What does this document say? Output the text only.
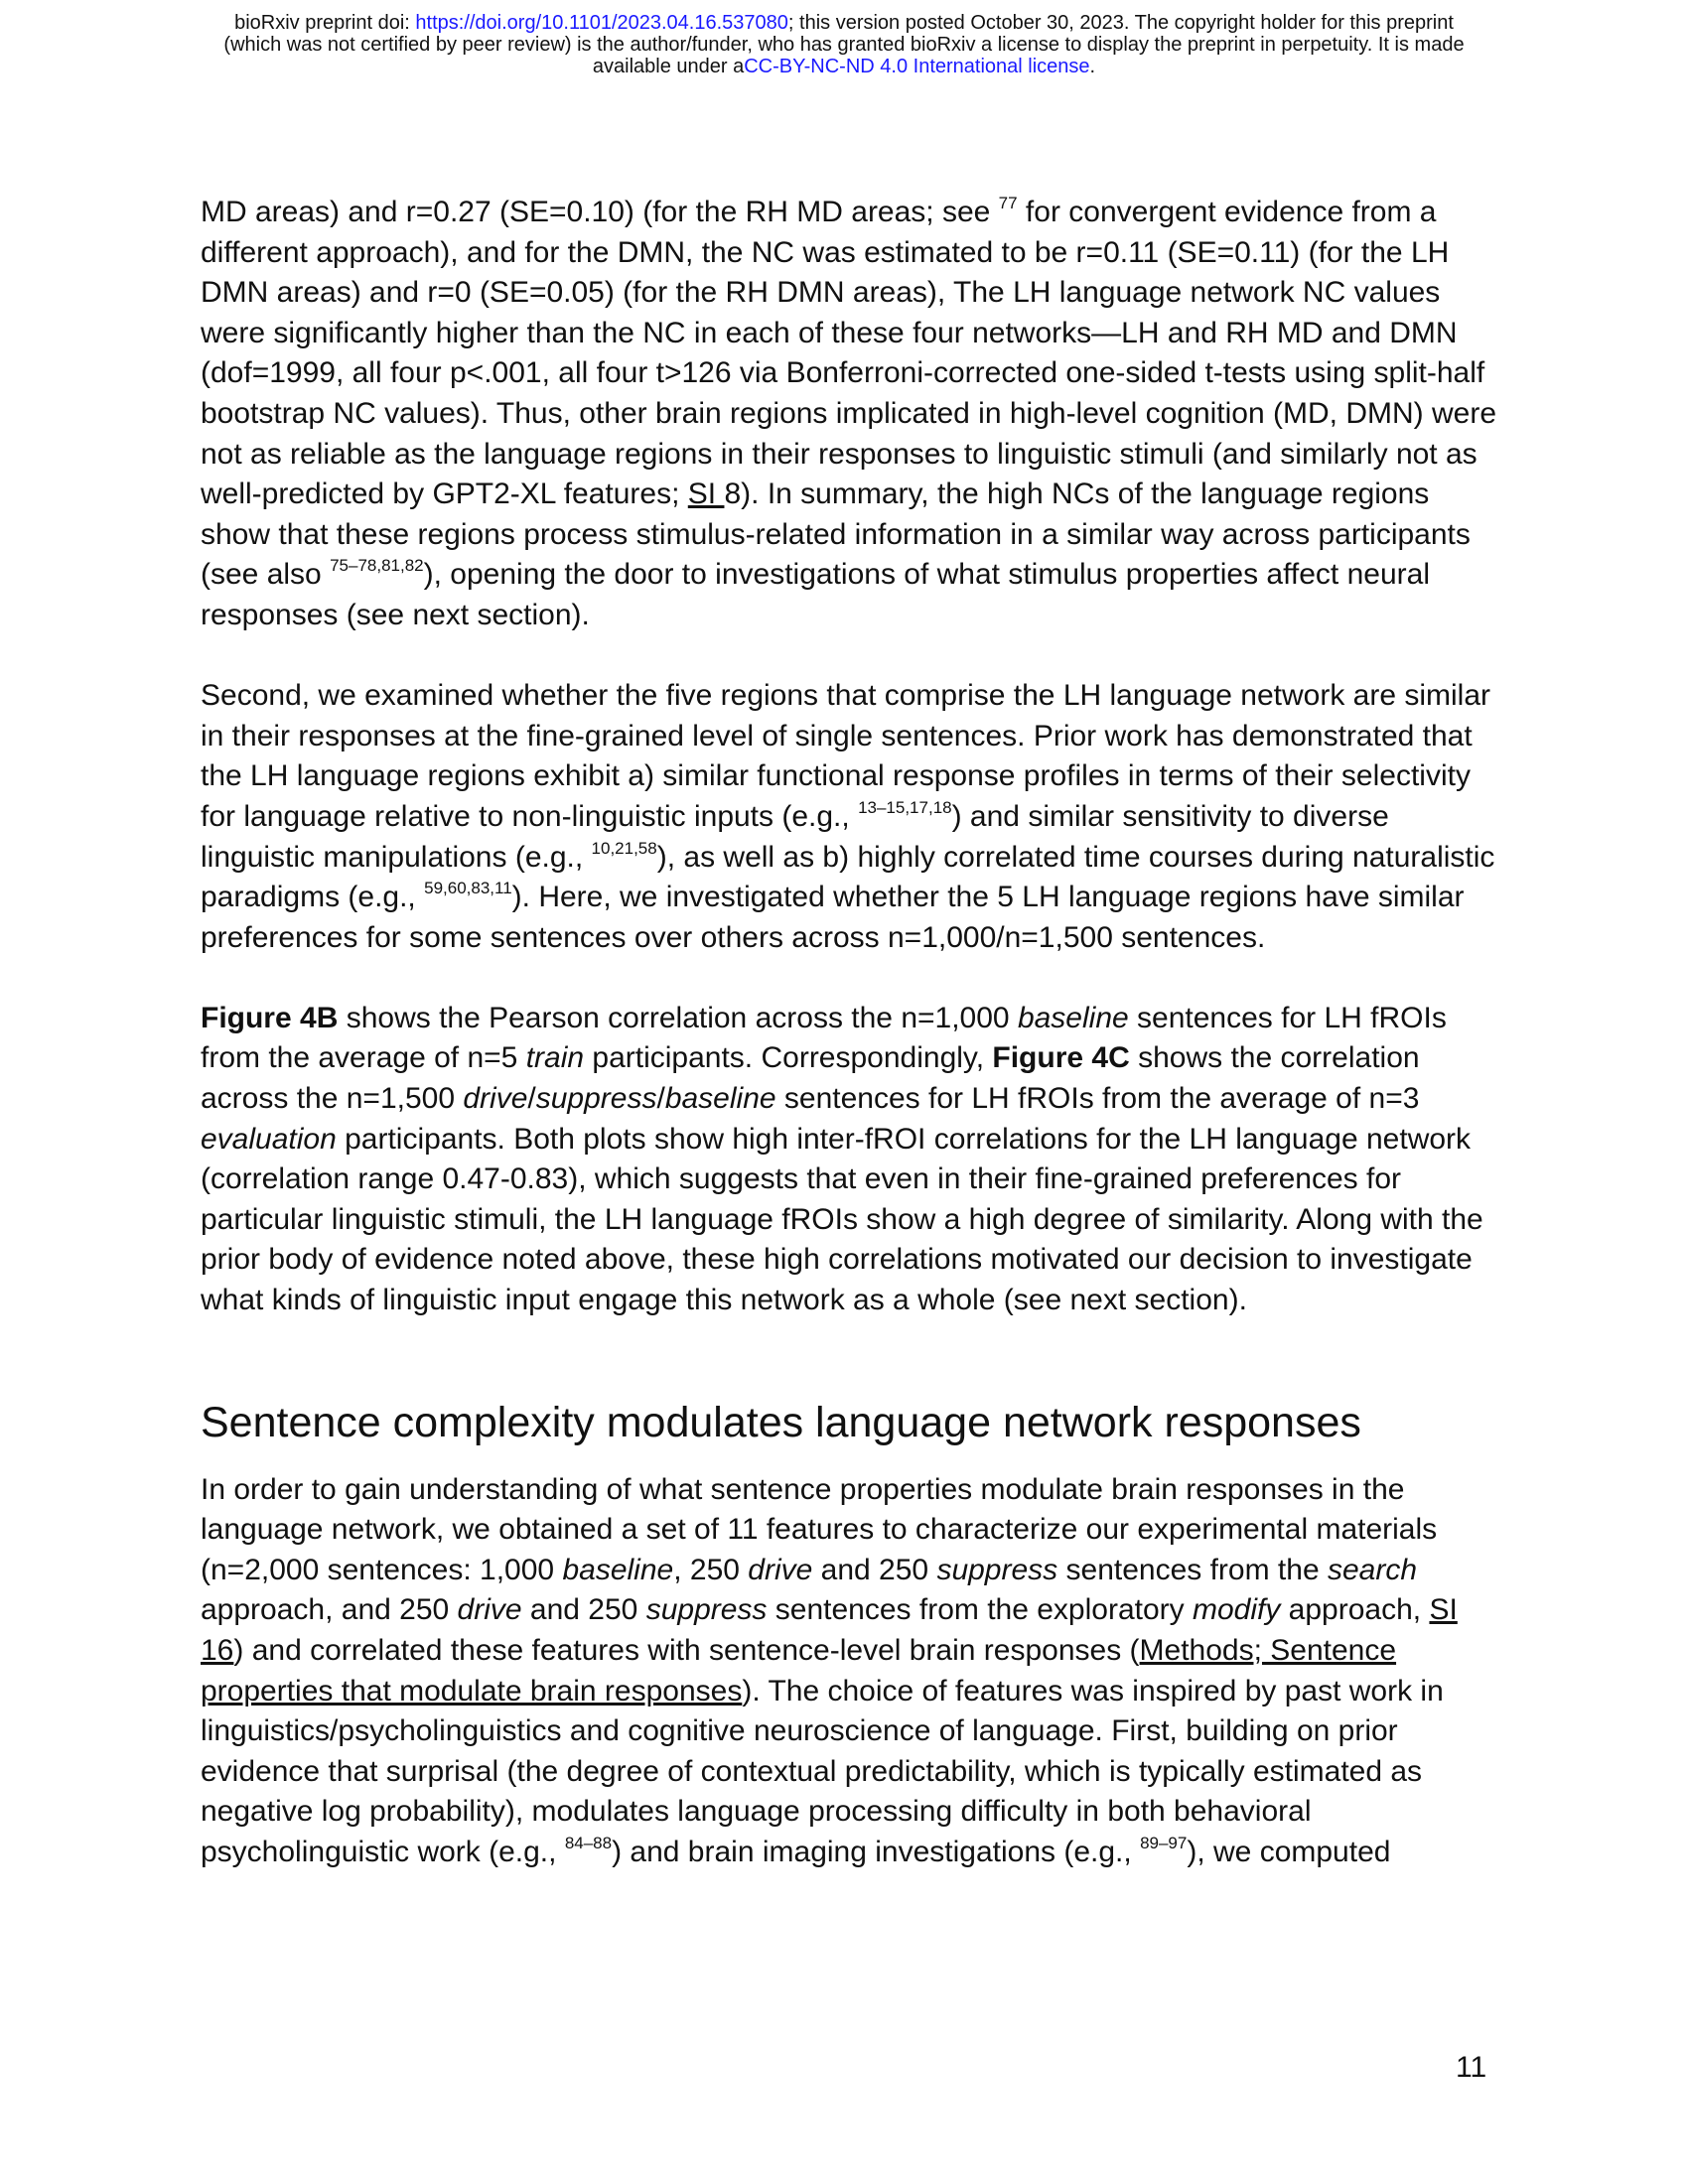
bioRxiv preprint doi: https://doi.org/10.1101/2023.04.16.537080; this version posted October 30, 2023. The copyright holder for this preprint
(which was not certified by peer review) is the author/funder, who has granted bioRxiv a license to display the preprint in perpetuity. It is made
available under aCC-BY-NC-ND 4.0 International license.

MD areas) and r=0.27 (SE=0.10) (for the RH MD areas; see $^{77}$ for convergent evidence from a different approach), and for the DMN, the NC was estimated to be r=0.11 (SE=0.11) (for the LH DMN areas) and r=0 (SE=0.05) (for the RH DMN areas), The LH language network NC values were significantly higher than the NC in each of these four networks—LH and RH MD and DMN (dof=1999, all four p<.001, all four t>126 via Bonferroni-corrected one-sided t-tests using split-half bootstrap NC values). Thus, other brain regions implicated in high-level cognition (MD, DMN) were not as reliable as the language regions in their responses to linguistic stimuli (and similarly not as well-predicted by GPT2-XL features; SI 8). In summary, the high NCs of the language regions show that these regions process stimulus-related information in a similar way across participants (see also $^{75-78,81,82}$), opening the door to investigations of what stimulus properties affect neural responses (see next section).

Second, we examined whether the five regions that comprise the LH language network are similar in their responses at the fine-grained level of single sentences. Prior work has demonstrated that the LH language regions exhibit a) similar functional response profiles in terms of their selectivity for language relative to non-linguistic inputs (e.g., $^{13-15,17,18}$) and similar sensitivity to diverse linguistic manipulations (e.g., $^{10,21,58}$), as well as b) highly correlated time courses during naturalistic paradigms (e.g., $^{59,60,83,11}$). Here, we investigated whether the 5 LH language regions have similar preferences for some sentences over others across n=1,000/n=1,500 sentences.

Figure 4B shows the Pearson correlation across the n=1,000 baseline sentences for LH fROIs from the average of n=5 train participants. Correspondingly, Figure 4C shows the correlation across the n=1,500 drive/suppress/baseline sentences for LH fROIs from the average of n=3 evaluation participants. Both plots show high inter-fROI correlations for the LH language network (correlation range 0.47-0.83), which suggests that even in their fine-grained preferences for particular linguistic stimuli, the LH language fROIs show a high degree of similarity. Along with the prior body of evidence noted above, these high correlations motivated our decision to investigate what kinds of linguistic input engage this network as a whole (see next section).

Sentence complexity modulates language network responses

In order to gain understanding of what sentence properties modulate brain responses in the language network, we obtained a set of 11 features to characterize our experimental materials (n=2,000 sentences: 1,000 baseline, 250 drive and 250 suppress sentences from the search approach, and 250 drive and 250 suppress sentences from the exploratory modify approach, SI 16) and correlated these features with sentence-level brain responses (Methods; Sentence properties that modulate brain responses). The choice of features was inspired by past work in linguistics/psycholinguistics and cognitive neuroscience of language. First, building on prior evidence that surprisal (the degree of contextual predictability, which is typically estimated as negative log probability), modulates language processing difficulty in both behavioral psycholinguistic work (e.g., $^{84-88}$) and brain imaging investigations (e.g., $^{89-97}$), we computed

11
